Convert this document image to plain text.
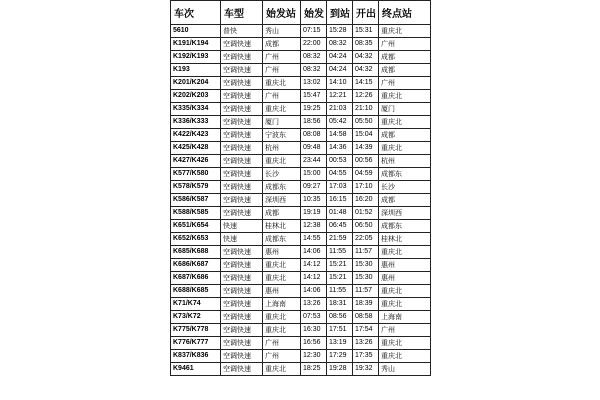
车次	车型	始发站	始发	到站	开出	终点站
5610	普快	秀山	07:15	15:28	15:31	重庆北
K191/K194	空调快速	成都	22:00	08:32	08:35	广州
K192/K193	空调快速	广州	08:32	04:24	04:32	成都
K193	空调快速	广州	08:32	04:24	04:32	成都
K201/K204	空调快速	重庆北	13:02	14:10	14:15	广州
K202/K203	空调快速	广州	15:47	12:21	12:26	重庆北
K335/K334	空调快速	重庆北	19:25	21:03	21:10	厦门
K336/K333	空调快速	厦门	18:56	05:42	05:50	重庆北
K422/K423	空调快速	宁波东	08:08	14:58	15:04	成都
K425/K428	空调快速	杭州	09:48	14:36	14:39	重庆北
K427/K426	空调快速	重庆北	23:44	00:53	00:56	杭州
K577/K580	空调快速	长沙	15:00	04:55	04:59	成都东
K578/K579	空调快速	成都东	09:27	17:03	17:10	长沙
K586/K587	空调快速	深圳西	10:35	16:15	16:20	成都
K588/K585	空调快速	成都	19:19	01:48	01:52	深圳西
K651/K654	快速	桂林北	12:38	06:45	06:50	成都东
K652/K653	快速	成都东	14:55	21:59	22:05	桂林北
K685/K688	空调快速	惠州	14:06	11:55	11:57	重庆北
K686/K687	空调快速	重庆北	14:12	15:21	15:30	惠州
K687/K686	空调快速	重庆北	14:12	15:21	15:30	惠州
K688/K685	空调快速	惠州	14:06	11:55	11:57	重庆北
K71/K74	空调快速	上海南	13:26	18:31	18:39	重庆北
K73/K72	空调快速	重庆北	07:53	08:56	08:58	上海南
K775/K778	空调快速	重庆北	16:30	17:51	17:54	广州
K776/K777	空调快速	广州	16:56	13:19	13:26	重庆北
K837/K836	空调快速	广州	12:30	17:29	17:35	重庆北
K9461	空调快速	重庆北	18:25	19:28	19:32	秀山
